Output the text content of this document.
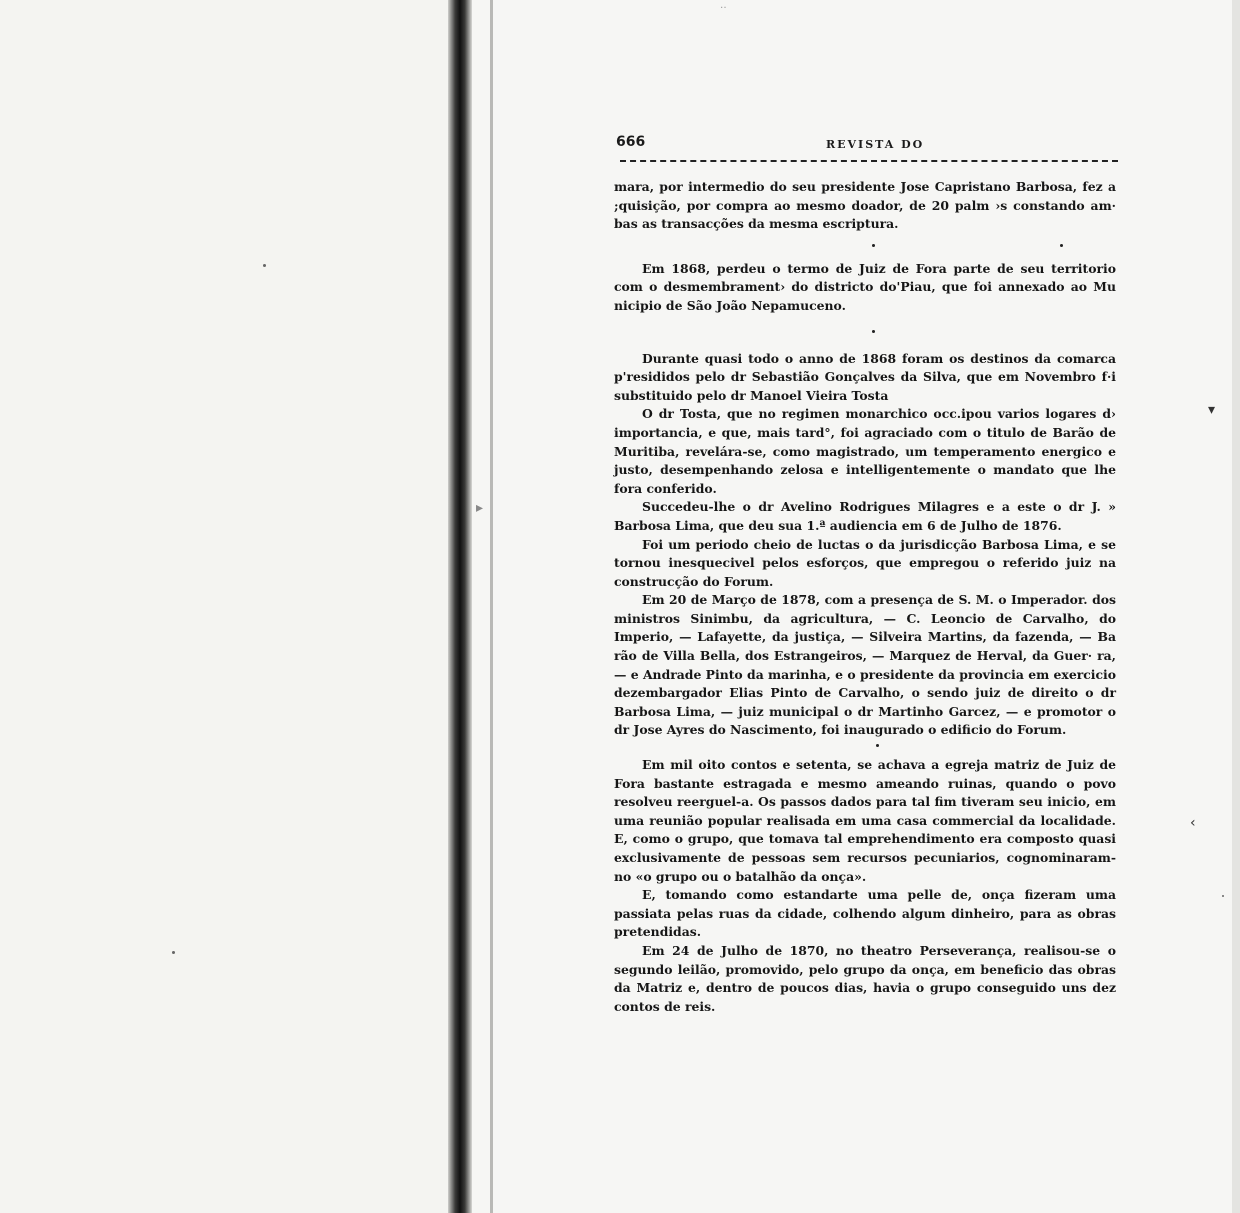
▾
‹
▸
‥
666	REVISTA DO

mara, por intermedio do seu presidente Jose Capristano Barbosa, fez a ;quisição, por compra ao mesmo doador, de 20 palm ›s constando am· bas as transacções da mesma escriptura.

Em 1868, perdeu o termo de Juiz de Fora parte de seu territorio com o desmembrament› do districto do'Piau, que foi annexado ao Mu nicipio de São João Nepamuceno.

Durante quasi todo o anno de 1868 foram os destinos da comarca p'resididos pelo dr Sebastião Gonçalves da Silva, que em Novembro f·i substituido pelo dr Manoel Vieira Tosta

O dr Tosta, que no regimen monarchico occ.ipou varios logares d› importancia, e que, mais tard°, foi agraciado com o titulo de Barão de Muritiba, revelára-se, como magistrado, um temperamento energico e justo, desempenhando zelosa e intelligentemente o mandato que lhe fora conferido.

Succedeu-lhe o dr Avelino Rodrigues Milagres e a este o dr J. » Barbosa Lima, que deu sua 1.ª audiencia em 6 de Julho de 1876.

Foi um periodo cheio de luctas o da jurisdicção Barbosa Lima, e se tornou inesquecivel pelos esforços, que empregou o referido juiz na construcção do Forum.

Em 20 de Março de 1878, com a presença de S. M. o Imperador. dos ministros Sinimbu, da agricultura, — C. Leoncio de Carvalho, do Imperio, — Lafayette, da justiça, — Silveira Martins, da fazenda, — Ba rão de Villa Bella, dos Estrangeiros, — Marquez de Herval, da Guer· ra, — e Andrade Pinto da marinha, e o presidente da provincia em exercicio dezembargador Elias Pinto de Carvalho, o sendo juiz de direito o dr Barbosa Lima, — juiz municipal o dr Martinho Garcez, — e promotor o dr Jose Ayres do Nascimento, foi inaugurado o edificio do Forum.

Em mil oito contos e setenta, se achava a egreja matriz de Juiz de Fora bastante estragada e mesmo ameando ruinas, quando o povo resolveu reerguel-a. Os passos dados para tal fim tiveram seu inicio, em uma reunião popular realisada em uma casa commercial da localidade. E, como o grupo, que tomava tal emprehendimento era composto quasi exclusivamente de pessoas sem recursos pecuniarios, cognominaram-no «o grupo ou o batalhão da onça».

E, tomando como estandarte uma pelle de, onça fizeram uma passiata pelas ruas da cidade, colhendo algum dinheiro, para as obras pretendidas.

Em 24 de Julho de 1870, no theatro Perseverança, realisou-se o segundo leilão, promovido, pelo grupo da onça, em beneficio das obras da Matriz e, dentro de poucos dias, havia o grupo conseguido uns dez contos de reis.
